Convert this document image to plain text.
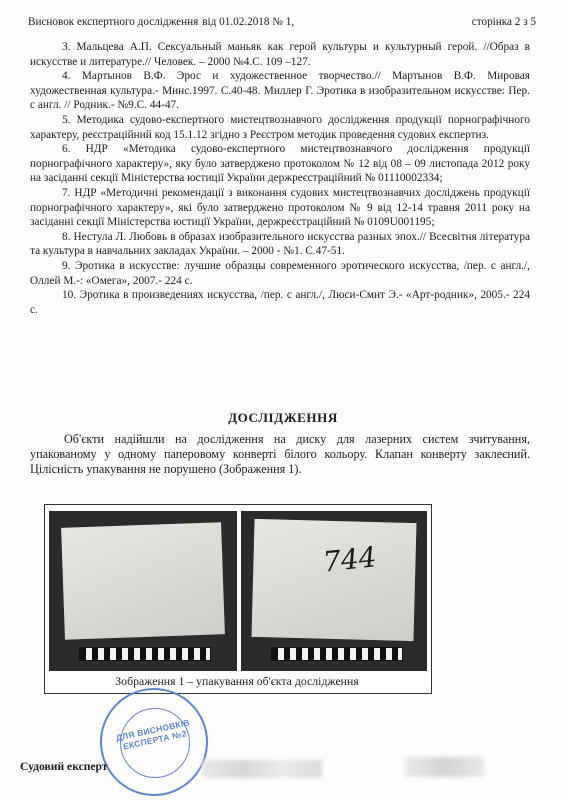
Висновок експертного дослідження від 01.02.2018 № 1,	сторінка 2 з 5

3. Мальцева А.П. Сексуальный маньяк как герой культуры и культурный герой. //Образ в искусстве и литературе.// Человек. – 2000 №4.С. 109 –127.

4. Мартынов В.Ф. Эрос и художественное творчество.// Мартынов В.Ф. Мировая художественная культура.- Минс.1997. С.40-48. Миллер Г. Эротика в изобразительном искусстве: Пер. с англ. // Родник.- №9.С. 44-47.

5. Методика судово-експертного мистецтвознавчого дослідження продукції порнографічного характеру, реєстраційний код 15.1.12 згідно з Реєстром методик проведення судових експертиз.

6. НДР «Методика судово-експертного мистецтвознавчого дослідження продукції порнографічного характеру», яку було затверджено протоколом № 12 від 08 – 09 листопада 2012 року на засіданні секції Міністерства юстиції України держреєстраційний № 01110002334;

7. НДР «Методичні рекомендації з виконання судових мистецтвознавчих досліджень продукції порнографічного характеру», які було затверджено протоколом № 9 від 12-14 травня 2011 року на засіданні секції Міністерства юстиції України, держреєстраційний № 0109U001195;

8. Нестула Л. Любовь в образах изобразительного искусства разных эпох.// Всесвітня література та культура в навчальних закладах України. – 2000 - №1. С.47-51.

9. Эротика в искусстве: лучшие образцы современного эротического искусства, /пер. с англ./, Оллей М.-: «Омега», 2007.- 224 с.

10. Эротика в произведениях искусства, /пер. с англ./, Люси-Смит Э.- «Арт-родник», 2005.- 224 с.

ДОСЛІДЖЕННЯ

Об'єкти надійшли на дослідження на диску для лазерних систем зчитування, упакованому у одному паперовому конверті білого кольору. Клапан конверту заклеєний. Цілісність упакування не порушено (Зображення 1).

744
Зображення 1 – упакування об'єкта дослідження
ДЛЯ ВИСНОВКІВ ЕКСПЕРТА №2
Судовий експерт
